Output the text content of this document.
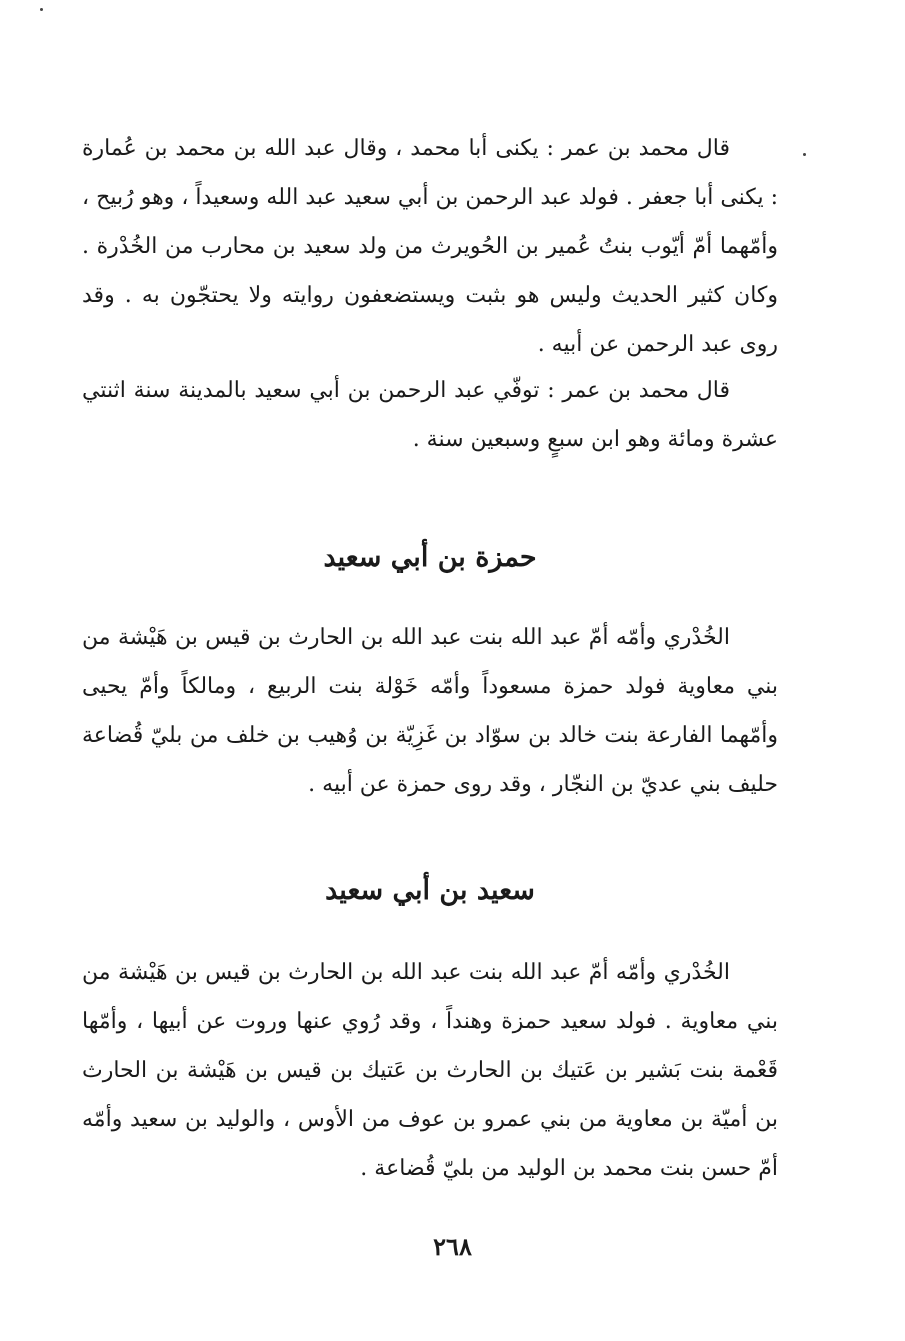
قال محمد بن عمر : يكنى أبا محمد ، وقال عبد الله بن محمد بن عُمارة : يكنى أبا جعفر . فولد عبد الرحمن بن أبي سعيد عبد الله وسعيداً ، وهو رُبيح ، وأمّهما أمّ أيّوب بنتُ عُمير بن الحُويرث من ولد سعيد بن محارب من الخُدْرة . وكان كثير الحديث وليس هو بثبت ويستضعفون روايته ولا يحتجّون به . وقد روى عبد الرحمن عن أبيه .

قال محمد بن عمر : توفّي عبد الرحمن بن أبي سعيد بالمدينة سنة اثنتي عشرة ومائة وهو ابن سبعٍ وسبعين سنة .

حمزة بن أبي سعيد

الخُدْري وأمّه أمّ عبد الله بنت عبد الله بن الحارث بن قيس بن هَيْشة من بني معاوية فولد حمزة مسعوداً وأمّه خَوْلة بنت الربيع ، ومالكاً وأمّ يحيى وأمّهما الفارعة بنت خالد بن سوّاد بن غَزِيّة بن وُهيب بن خلف من بليّ قُضاعة حليف بني عديّ بن النجّار ، وقد روى حمزة عن أبيه .

سعيد بن أبي سعيد

الخُدْري وأمّه أمّ عبد الله بنت عبد الله بن الحارث بن قيس بن هَيْشة من بني معاوية . فولد سعيد حمزة وهنداً ، وقد رُوي عنها وروت عن أبيها ، وأمّها قَعْمة بنت بَشير بن عَتيك بن الحارث بن عَتيك بن قيس بن هَيْشة بن الحارث بن أميّة بن معاوية من بني عمرو بن عوف من الأوس ، والوليد بن سعيد وأمّه أمّ حسن بنت محمد بن الوليد من بليّ قُضاعة .

٢٦٨
